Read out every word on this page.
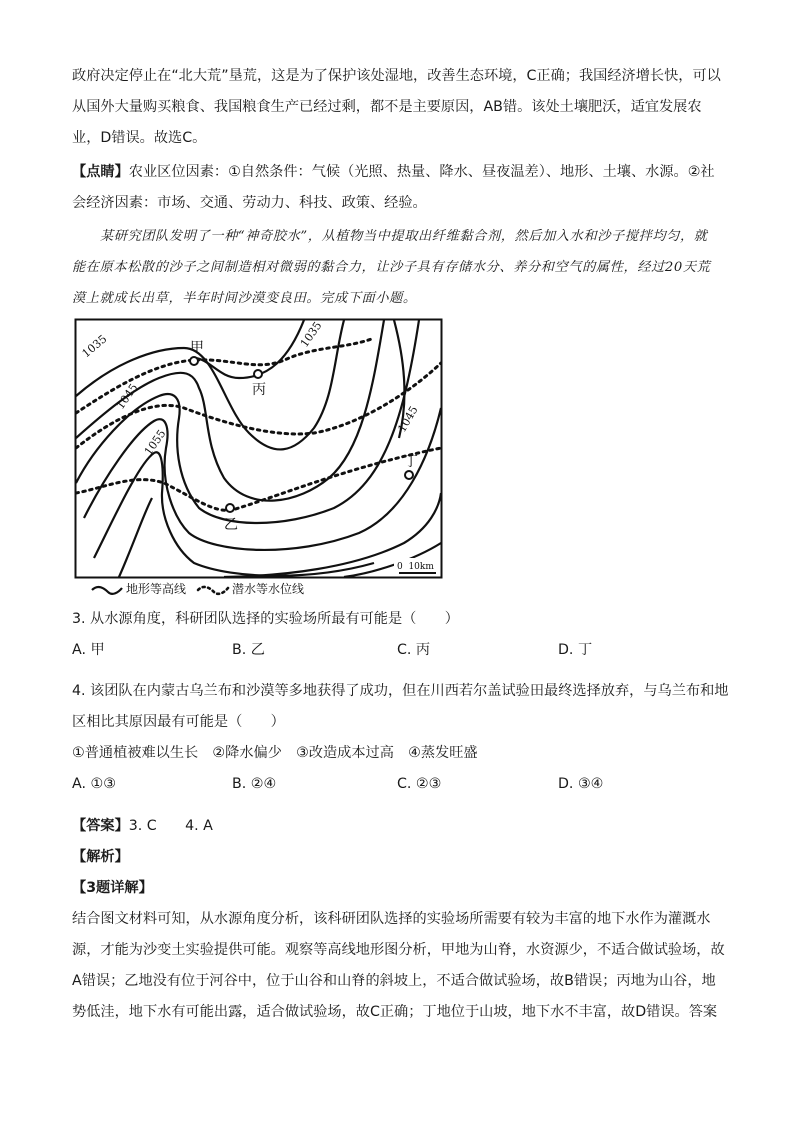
政府决定停止在“北大荒”垦荒，这是为了保护该处湿地，改善生态环境，C正确；我国经济增长快，可以
从国外大量购买粮食、我国粮食生产已经过剩，都不是主要原因，AB错。该处土壤肥沃，适宜发展农
业，D错误。故选C。
【点睛】农业区位因素：①自然条件：气候（光照、热量、降水、昼夜温差）、地形、土壤、水源。②社
会经济因素：市场、交通、劳动力、科技、政策、经验。
某研究团队发明了一种“神奇胶水”，从植物当中提取出纤维黏合剂，然后加入水和沙子搅拌均匀，就
能在原本松散的沙子之间制造相对微弱的黏合力，让沙子具有存储水分、养分和空气的属性，经过20天荒
漠上就成长出草，半年时间沙漠变良田。完成下面小题。
甲
丙
乙
丁
1035	1035
1045
1055
1045
0  10km
地形等高线	潜水等水位线
3. 从水源角度，科研团队选择的实验场所最有可能是（　　）
A. 甲	B. 乙	C. 丙	D. 丁
4. 该团队在内蒙古乌兰布和沙漠等多地获得了成功，但在川西若尔盖试验田最终选择放弃，与乌兰布和地
区相比其原因最有可能是（　　）
①普通植被难以生长　②降水偏少　③改造成本过高　④蒸发旺盛
A. ①③	B. ②④	C. ②③	D. ③④
【答案】3. C　　4. A
【解析】
【3题详解】
结合图文材料可知，从水源角度分析，该科研团队选择的实验场所需要有较为丰富的地下水作为灌溉水
源，才能为沙变土实验提供可能。观察等高线地形图分析，甲地为山脊，水资源少，不适合做试验场，故
A错误；乙地没有位于河谷中，位于山谷和山脊的斜坡上，不适合做试验场，故B错误；丙地为山谷，地
势低洼，地下水有可能出露，适合做试验场，故C正确；丁地位于山坡，地下水不丰富，故D错误。答案
